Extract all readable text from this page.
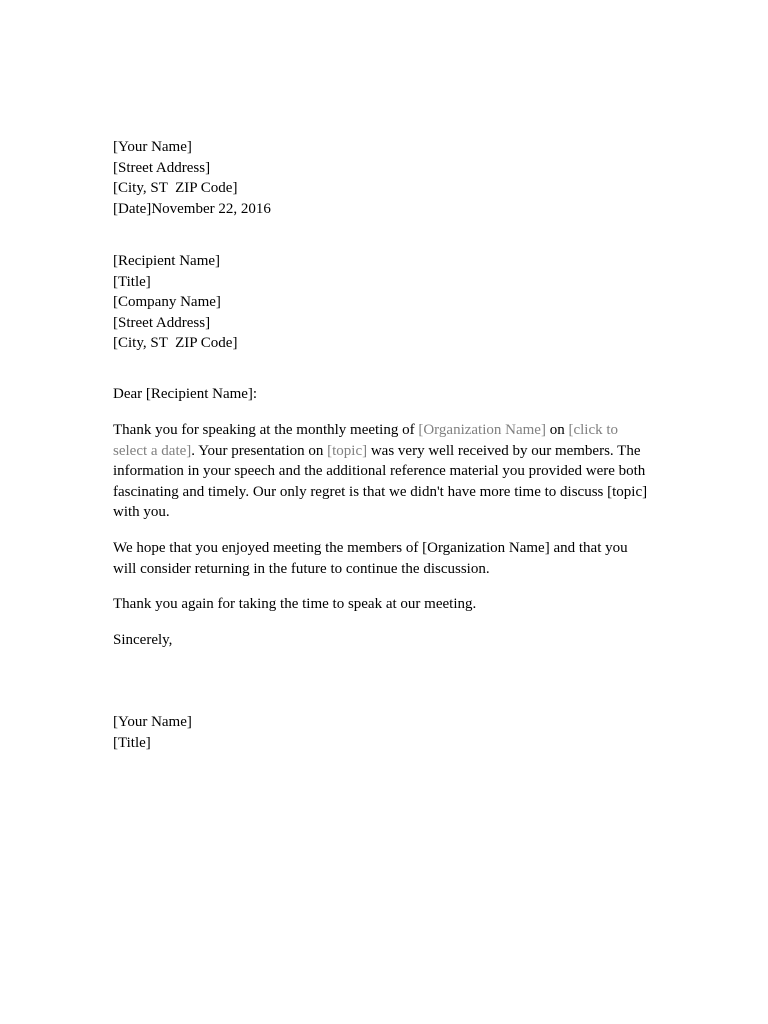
[Your Name]
[Street Address]
[City, ST  ZIP Code]
[Date]November 22, 2016
[Recipient Name]
[Title]
[Company Name]
[Street Address]
[City, ST  ZIP Code]
Dear [Recipient Name]:
Thank you for speaking at the monthly meeting of [Organization Name] on [click to
select a date]. Your presentation on [topic] was very well received by our members. The
information in your speech and the additional reference material you provided were both
fascinating and timely. Our only regret is that we didn't have more time to discuss [topic]
with you.
We hope that you enjoyed meeting the members of [Organization Name] and that you
will consider returning in the future to continue the discussion.
Thank you again for taking the time to speak at our meeting.
Sincerely,
[Your Name]
[Title]
